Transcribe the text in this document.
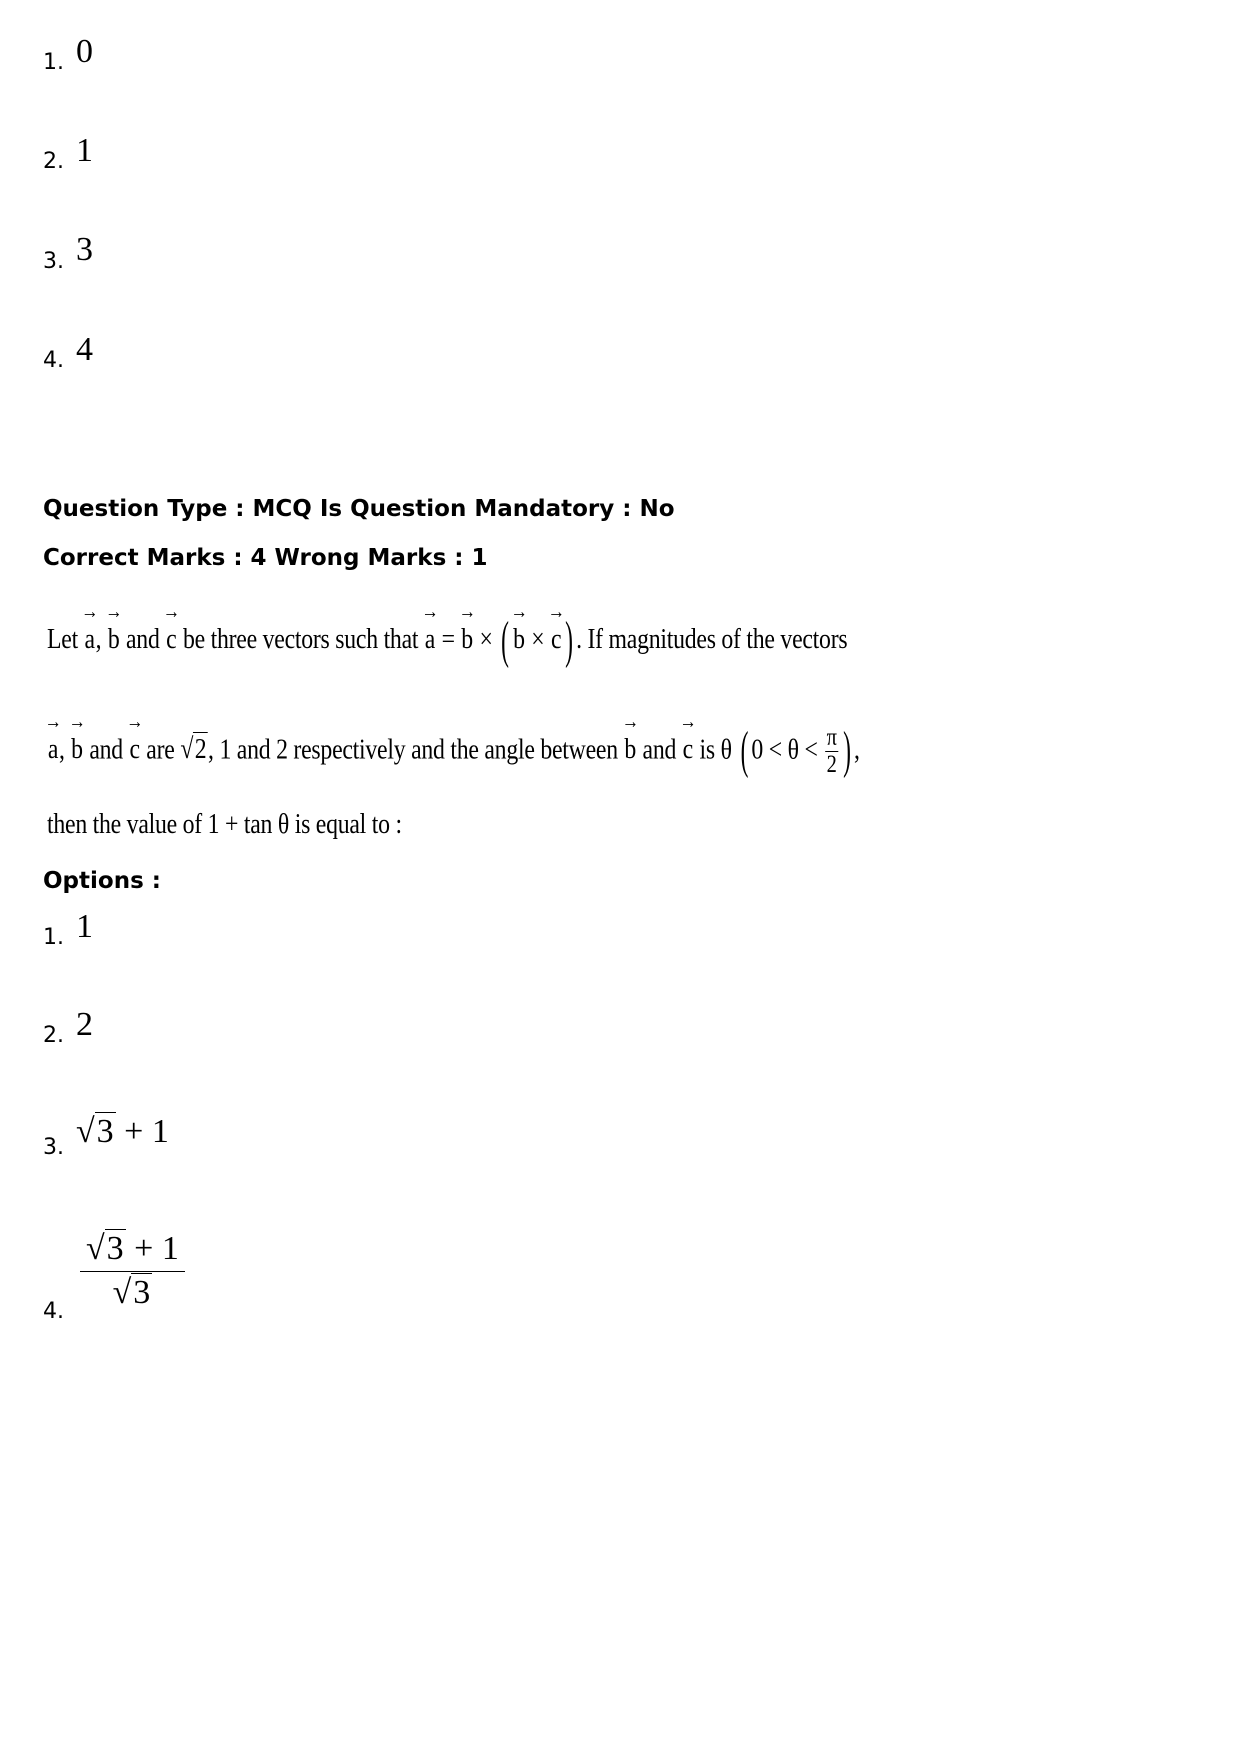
1. 0
2. 1
3. 3
4. 4
Question Type : MCQ Is Question Mandatory : No
Correct Marks : 4 Wrong Marks : 1
Let → a, → b and → c be three vectors such that → a = → b × ( → b × → c) . If magnitudes of the vectors
→ a, → b and → c are √2, 1 and 2 respectively and the angle between → b and → c is θ ( $0 < \theta < \frac{\pi}{2}$ ) ,
then the value of 1 + tan θ is equal to :
Options :
1. 1
2. 2
3. √3 + 1
4. $\frac{√3 + 1}{√3}$
